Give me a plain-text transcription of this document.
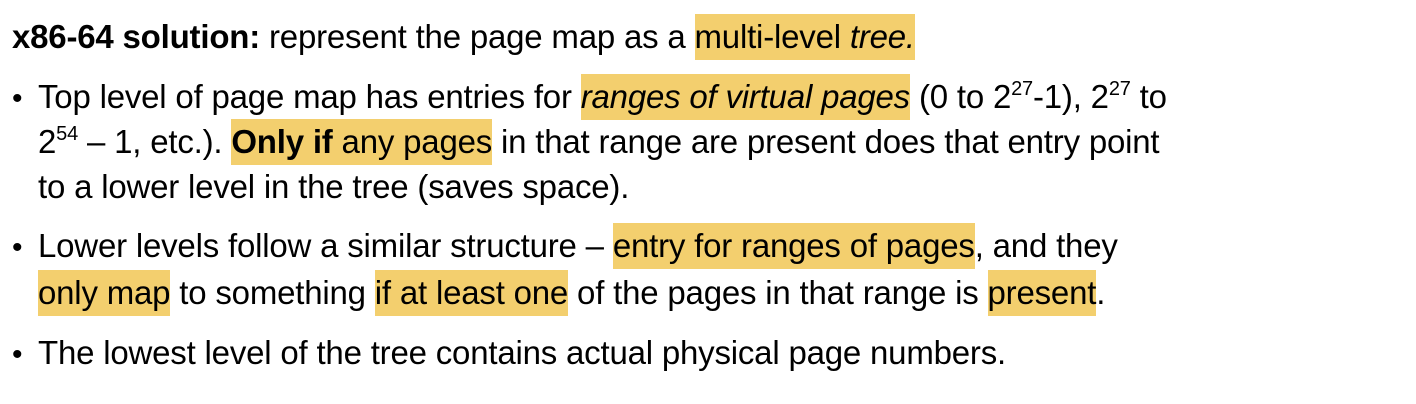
x86-64 solution: represent the page map as a multi-level tree.
• Top level of page map has entries for ranges of virtual pages (0 to $2^{27}-1$), $2^{27}$ to
$2^{54} - 1$, etc.). Only if any pages in that range are present does that entry point
to a lower level in the tree (saves space).
• Lower levels follow a similar structure – entry for ranges of pages, and they
only map to something if at least one of the pages in that range is present.
• The lowest level of the tree contains actual physical page numbers.
